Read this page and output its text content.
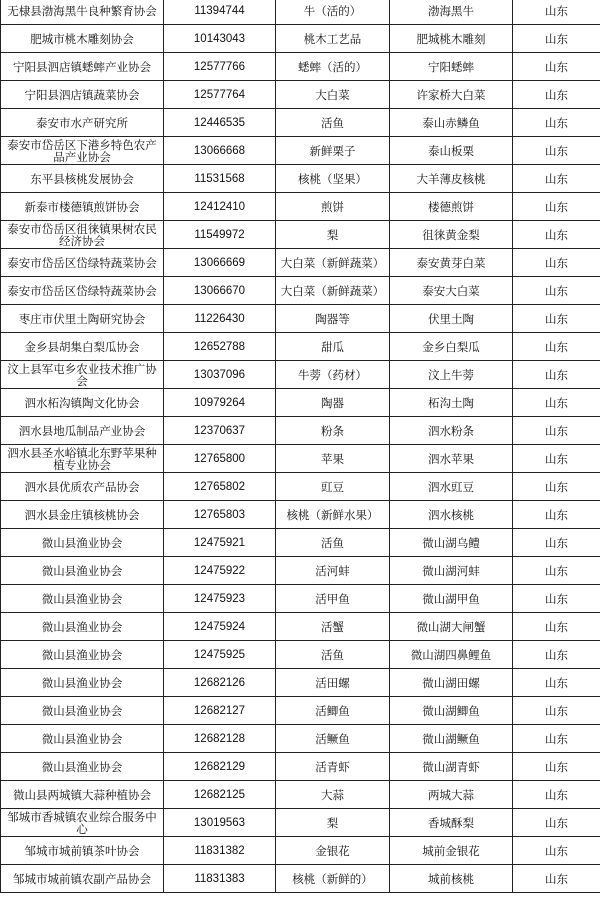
无棣县渤海黑牛良种繁育协会	11394744	牛（活的）	渤海黑牛	山东
肥城市桃木雕刻协会	10143043	桃木工艺品	肥城桃木雕刻	山东
宁阳县泗店镇蟋蟀产业协会	12577766	蟋蟀（活的）	宁阳蟋蟀	山东
宁阳县泗店镇蔬菜协会	12577764	大白菜	许家桥大白菜	山东
泰安市水产研究所	12446535	活鱼	泰山赤鳞鱼	山东
泰安市岱岳区下港乡特色农产品产业协会	13066668	新鲜栗子	泰山板栗	山东
东平县核桃发展协会	11531568	核桃（坚果）	大羊薄皮核桃	山东
新泰市楼德镇煎饼协会	12412410	煎饼	楼德煎饼	山东
泰安市岱岳区徂徕镇果树农民经济协会	11549972	梨	徂徕黄金梨	山东
泰安市岱岳区岱绿特蔬菜协会	13066669	大白菜（新鲜蔬菜）	泰安黄芽白菜	山东
泰安市岱岳区岱绿特蔬菜协会	13066670	大白菜（新鲜蔬菜）	泰安大白菜	山东
枣庄市伏里土陶研究协会	11226430	陶器等	伏里土陶	山东
金乡县胡集白梨瓜协会	12652788	甜瓜	金乡白梨瓜	山东
汶上县军屯乡农业技术推广协会	13037096	牛蒡（药材）	汶上牛蒡	山东
泗水柘沟镇陶文化协会	10979264	陶器	柘沟土陶	山东
泗水县地瓜制品产业协会	12370637	粉条	泗水粉条	山东
泗水县圣水峪镇北东野苹果种植专业协会	12765800	苹果	泗水苹果	山东
泗水县优质农产品协会	12765802	豇豆	泗水豇豆	山东
泗水县金庄镇核桃协会	12765803	核桃（新鲜水果）	泗水核桃	山东
微山县渔业协会	12475921	活鱼	微山湖乌鳢	山东
微山县渔业协会	12475922	活河蚌	微山湖河蚌	山东
微山县渔业协会	12475923	活甲鱼	微山湖甲鱼	山东
微山县渔业协会	12475924	活蟹	微山湖大闸蟹	山东
微山县渔业协会	12475925	活鱼	微山湖四鼻鲤鱼	山东
微山县渔业协会	12682126	活田螺	微山湖田螺	山东
微山县渔业协会	12682127	活鲫鱼	微山湖鲫鱼	山东
微山县渔业协会	12682128	活鳜鱼	微山湖鳜鱼	山东
微山县渔业协会	12682129	活青虾	微山湖青虾	山东
微山县两城镇大蒜种植协会	12682125	大蒜	两城大蒜	山东
邹城市香城镇农业综合服务中心	13019563	梨	香城酥梨	山东
邹城市城前镇茶叶协会	11831382	金银花	城前金银花	山东
邹城市城前镇农副产品协会	11831383	核桃（新鲜的）	城前核桃	山东
